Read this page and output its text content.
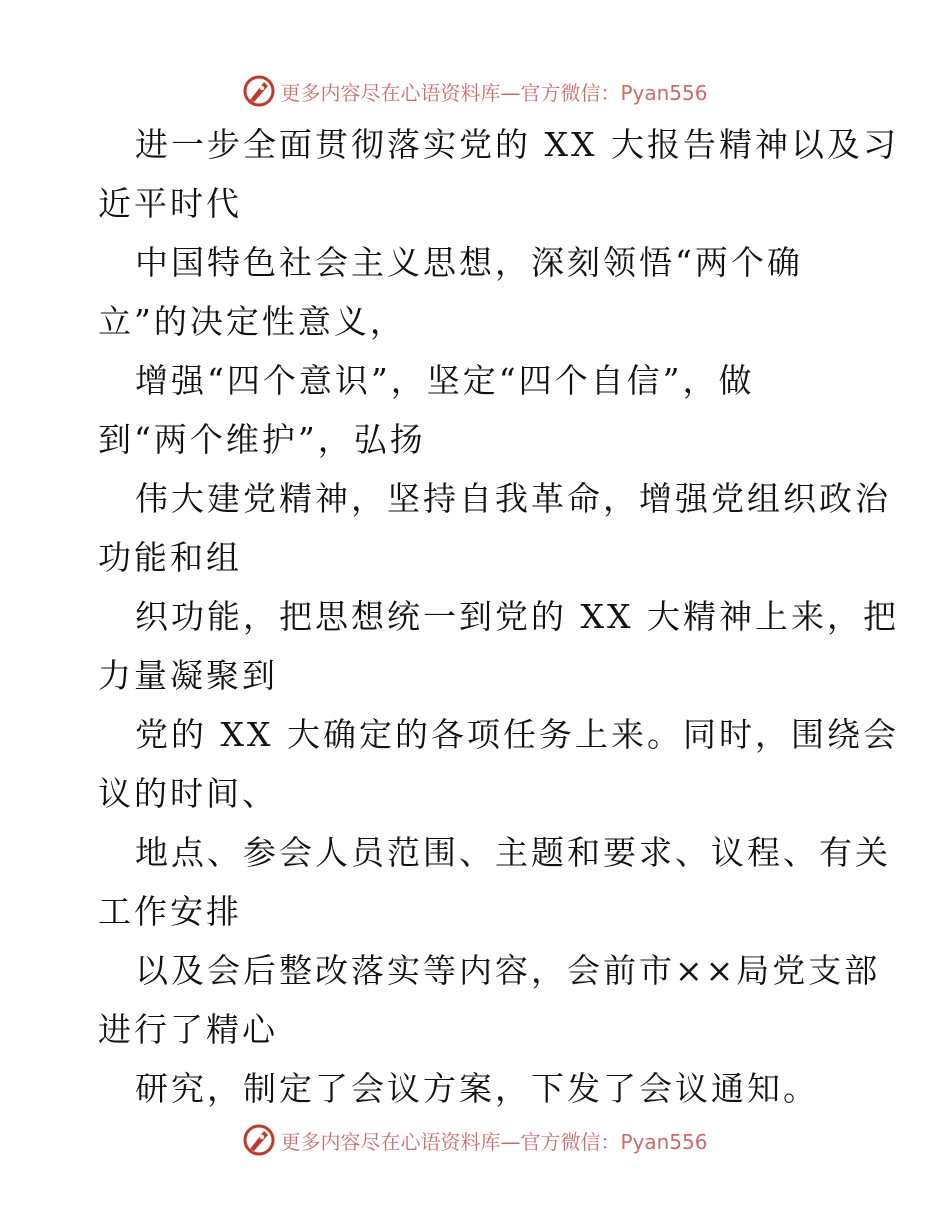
更多内容尽在心语资料库—官方微信：Pyan556
进一步全面贯彻落实党的 XX 大报告精神以及习
近平时代
中国特色社会主义思想，深刻领悟“两个确
立”的决定性意义，
增强“四个意识”，坚定“四个自信”，做
到“两个维护”，弘扬
伟大建党精神，坚持自我革命，增强党组织政治
功能和组
织功能，把思想统一到党的 XX 大精神上来，把
力量凝聚到
党的 XX 大确定的各项任务上来。同时，围绕会
议的时间、
地点、参会人员范围、主题和要求、议程、有关
工作安排
以及会后整改落实等内容，会前市××局党支部
进行了精心
研究，制定了会议方案，下发了会议通知。
更多内容尽在心语资料库—官方微信：Pyan556
